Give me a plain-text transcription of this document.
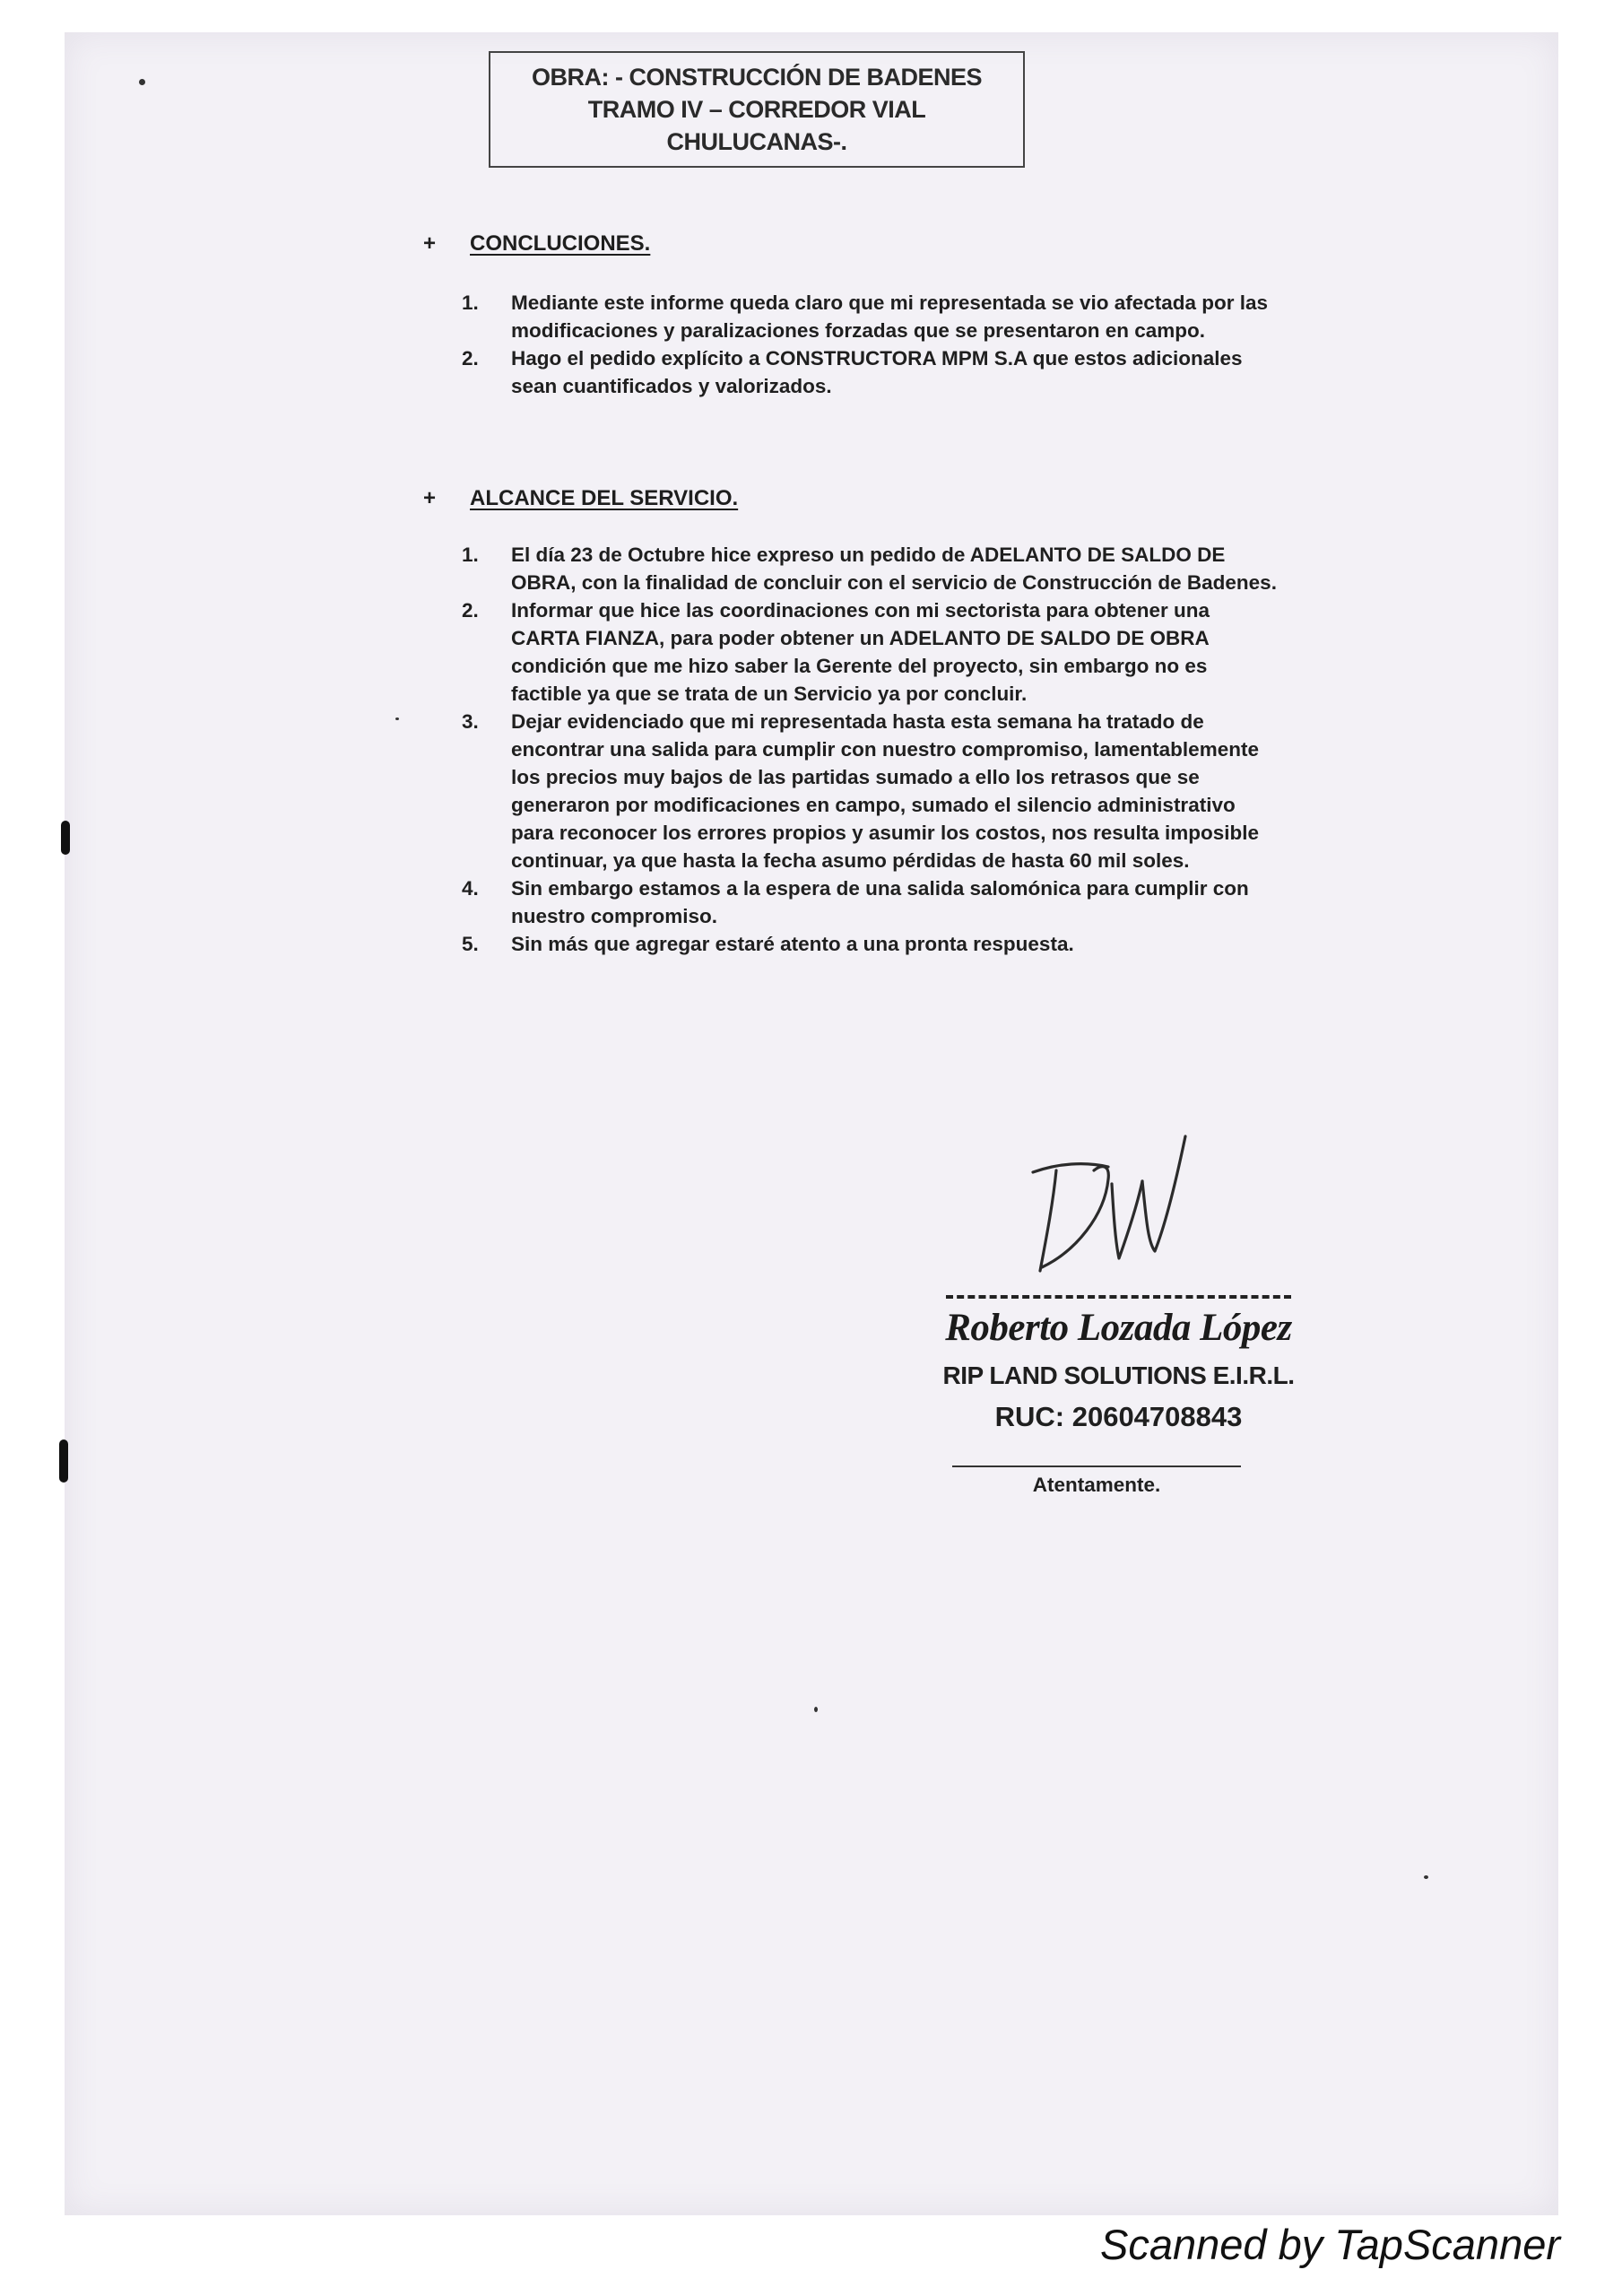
OBRA: - CONSTRUCCIÓN DE BADENES
TRAMO IV – CORREDOR VIAL
CHULUCANAS-.
+	CONCLUCIONES.
1.	Mediante este informe queda claro que mi representada se vio afectada por las modificaciones y paralizaciones forzadas que se presentaron en campo.
2.	Hago el pedido explícito a CONSTRUCTORA MPM S.A que estos adicionales sean cuantificados y valorizados.
+	ALCANCE DEL SERVICIO.
1.	El día 23 de Octubre hice expreso un pedido de ADELANTO DE SALDO DE OBRA, con la finalidad de concluir con el servicio de Construcción de Badenes.
2.	Informar que hice las coordinaciones con mi sectorista para obtener una CARTA FIANZA, para poder obtener un ADELANTO DE SALDO DE OBRA condición que me hizo saber la Gerente del proyecto, sin embargo no es factible ya que se trata de un Servicio ya por concluir.
3.	Dejar evidenciado que mi representada hasta esta semana ha tratado de encontrar una salida para cumplir con nuestro compromiso, lamentablemente los precios muy bajos de las partidas sumado a ello los retrasos que se generaron por modificaciones en campo, sumado el silencio administrativo para reconocer los errores propios y asumir los costos, nos resulta imposible continuar, ya que hasta la fecha asumo pérdidas de hasta 60 mil soles.
4.	Sin embargo estamos a la espera de una salida salomónica para cumplir con nuestro compromiso.
5.	Sin más que agregar estaré atento a una pronta respuesta.
Roberto Lozada López
RIP LAND SOLUTIONS E.I.R.L.
RUC: 20604708843
Atentamente.
Scanned by TapScanner
